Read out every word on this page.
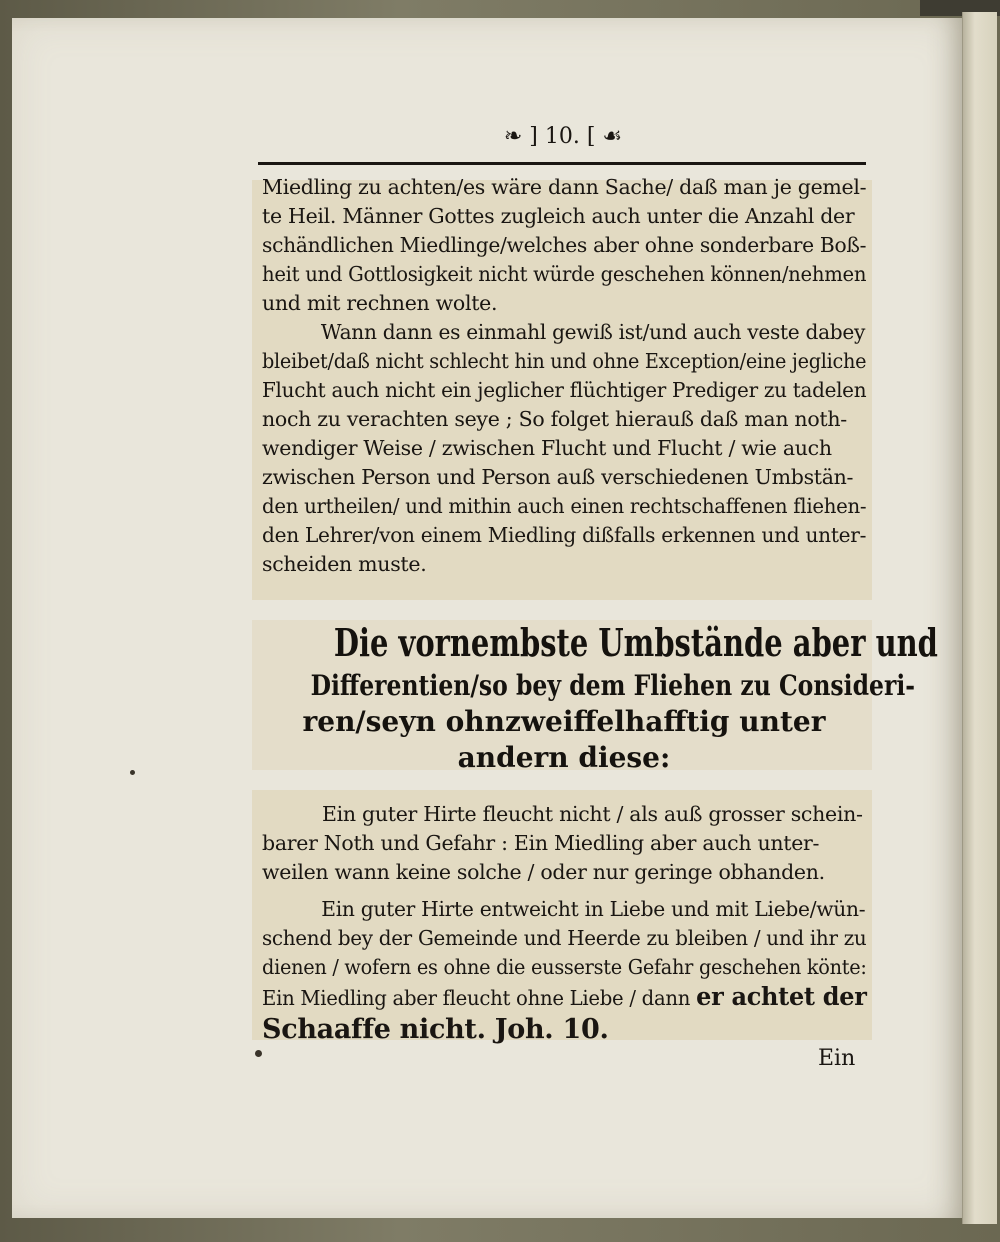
❧ ] 10. [ ☙
Miedling zu achten/es wäre dann Sache/ daß man je gemel-
te Heil. Männer Gottes zugleich auch unter die Anzahl der
schändlichen Miedlinge/welches aber ohne sonderbare Boß-
heit und Gottlosigkeit nicht würde geschehen können/nehmen
und mit rechnen wolte.
Wann dann es einmahl gewiß ist/und auch veste dabey
bleibet/daß nicht schlecht hin und ohne Exception/eine jegliche
Flucht auch nicht ein jeglicher flüchtiger Prediger zu tadelen
noch zu verachten seye ; So folget hierauß daß man noth-
wendiger Weise / zwischen Flucht und Flucht / wie auch
zwischen Person und Person auß verschiedenen Umbstän-
den urtheilen/ und mithin auch einen rechtschaffenen fliehen-
den Lehrer/von einem Miedling dißfalls erkennen und unter-
scheiden muste.
Die vornembste Umbstände aber und
Differentien/so bey dem Fliehen zu Consideri-
ren/seyn ohnzweiffelhafftig unter
andern diese:
Ein guter Hirte fleucht nicht / als auß grosser schein-
barer Noth und Gefahr : Ein Miedling aber auch unter-
weilen wann keine solche / oder nur geringe obhanden.
Ein guter Hirte entweicht in Liebe und mit Liebe/wün-
schend bey der Gemeinde und Heerde zu bleiben / und ihr zu
dienen / wofern es ohne die eusserste Gefahr geschehen könte:
Ein Miedling aber fleucht ohne Liebe / dann er achtet der
Schaaffe nicht. Joh. 10.
Ein
